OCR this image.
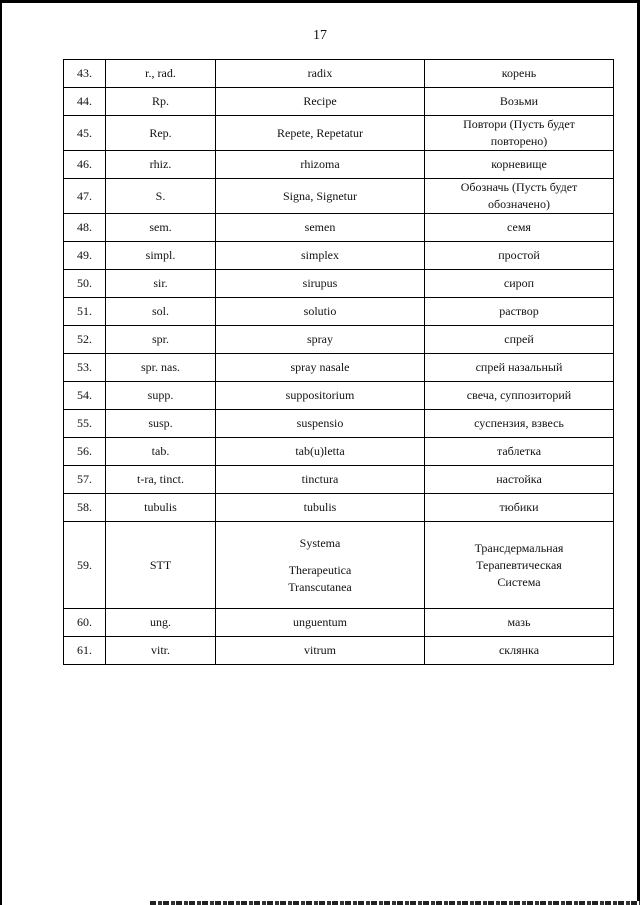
17
43.	r., rad.	radix	корень
44.	Rp.	Recipe	Возьми
45.	Rep.	Repete, Repetatur	Повтори (Пусть будет
повторено)
46.	rhiz.	rhizoma	корневище
47.	S.	Signa, Signetur	Обозначь (Пусть будет
обозначено)
48.	sem.	semen	семя
49.	simpl.	simplex	простой
50.	sir.	sirupus	сироп
51.	sol.	solutio	раствор
52.	spr.	spray	спрей
53.	spr. nas.	spray nasale	спрей назальный
54.	supp.	suppositorium	свеча, суппозиторий
55.	susp.	suspensio	суспензия, взвесь
56.	tab.	tab(u)letta	таблетка
57.	t-ra, tinct.	tinctura	настойка
58.	tubulis	tubulis	тюбики
59.	STT	Systema
Therapeutica
Transcutanea	Трансдермальная
Терапевтическая
Система
60.	ung.	unguentum	мазь
61.	vitr.	vitrum	склянка
